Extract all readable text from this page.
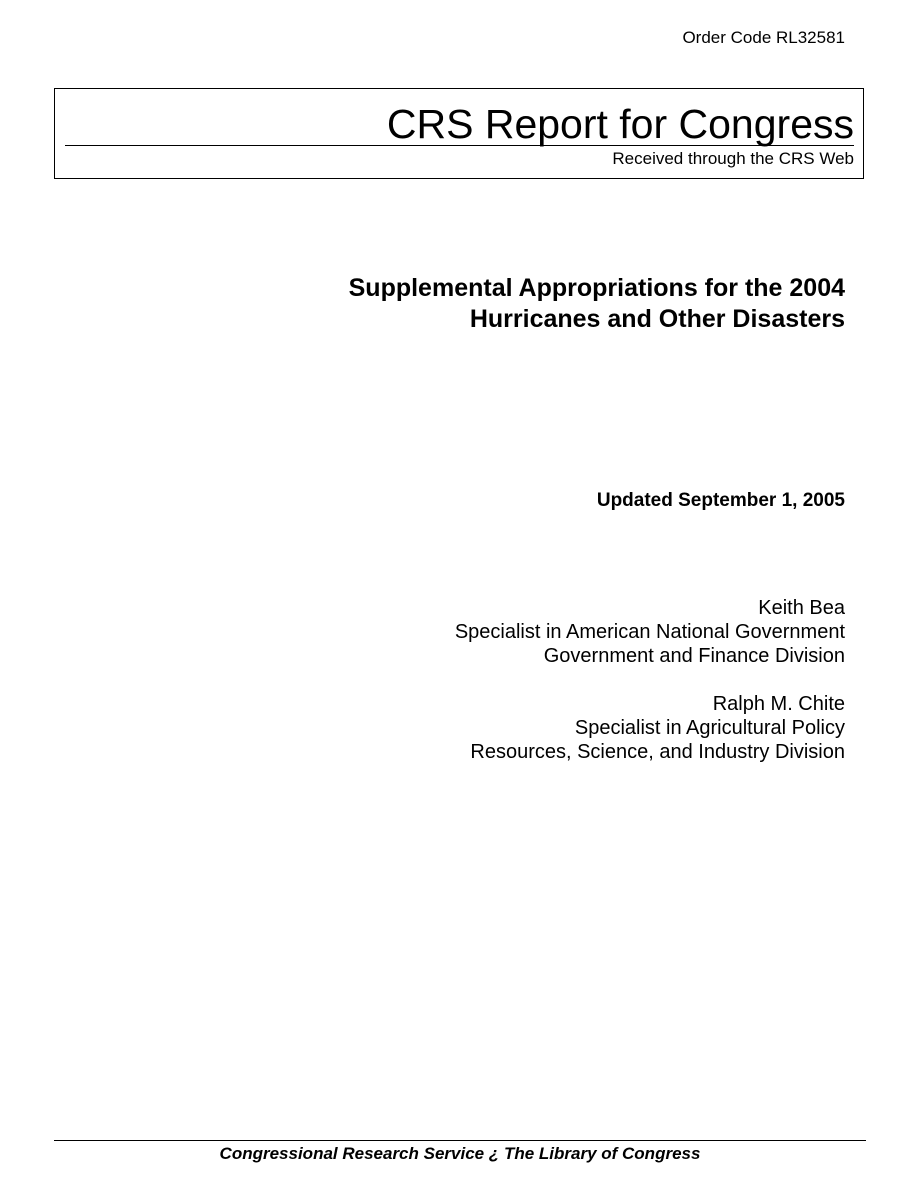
Order Code RL32581
CRS Report for Congress
Received through the CRS Web
Supplemental Appropriations for the 2004
Hurricanes and Other Disasters
Updated September 1, 2005
Keith Bea
Specialist in American National Government
Government and Finance Division
Ralph M. Chite
Specialist in Agricultural Policy
Resources, Science, and Industry Division
Congressional Research Service ¿ The Library of Congress
